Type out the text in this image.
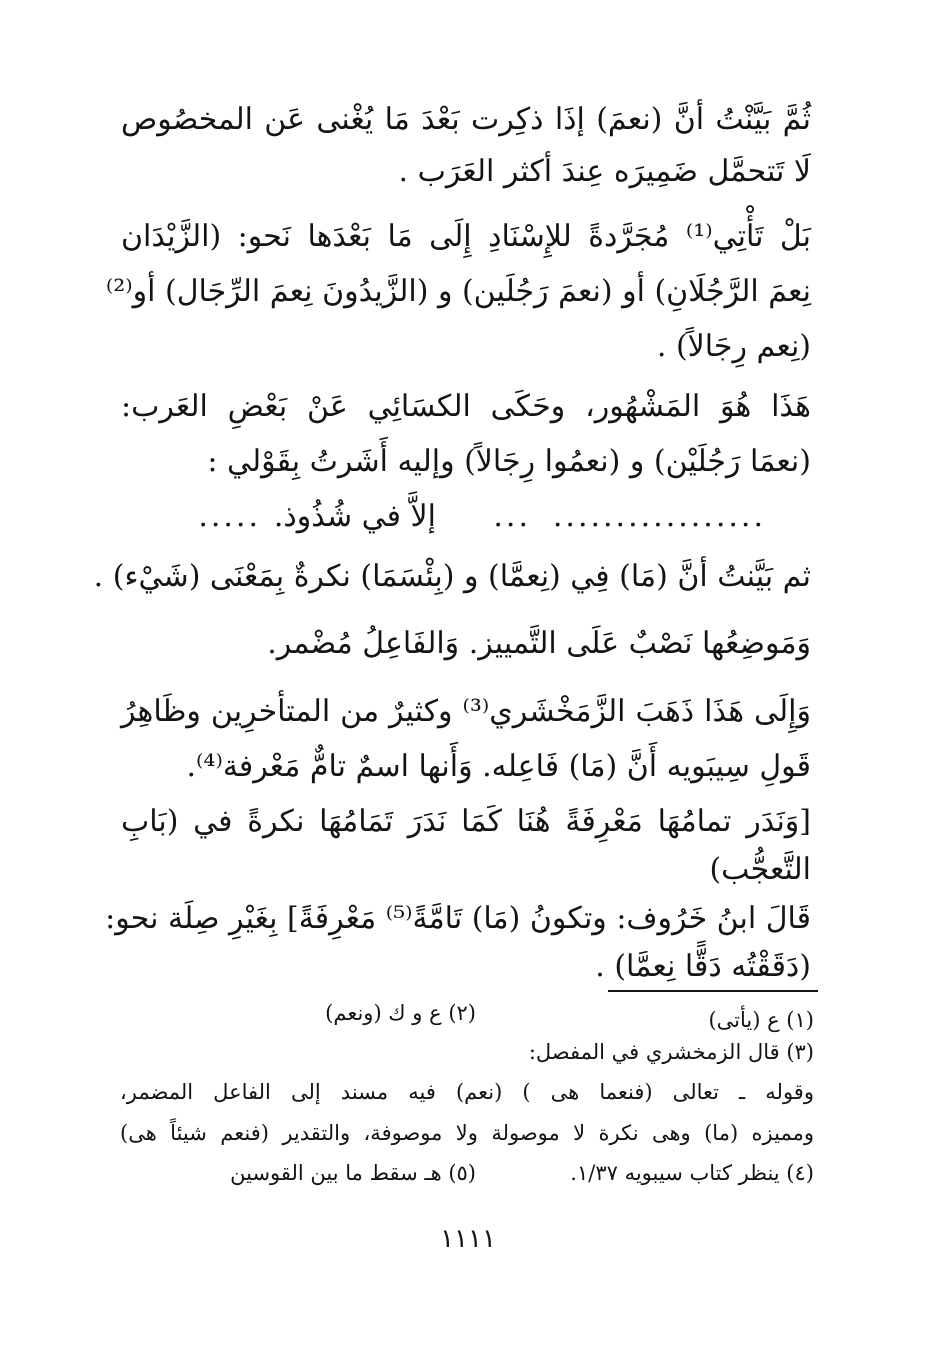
ثُمَّ بَيَّنْتُ أنَّ (نعمَ) إذَا ذكِرت بَعْدَ مَا يُغْنى عَن المخصُوص
لَا تَتحمَّل ضَمِيرَه عِندَ أكثر العَرَب .
بَلْ تَأْتِي⁽¹⁾ مُجَرَّدةً للإِسْنَادِ إِلَى مَا بَعْدَها نَحو: (الزَّيْدَان
نِعمَ الرَّجُلَانِ) أو (نعمَ رَجُلَين) و (الزَّيدُونَ نِعمَ الرِّجَال) أو⁽²⁾
(نِعم رِجَالاً) .
هَذَا هُوَ المَشْهُور، وحَكَى الكسَائِي عَنْ بَعْضِ العَرب:
(نعمَا رَجُلَيْن) و (نعمُوا رِجَالاً) وإليه أَشَرتُ بِقَوْلي :
.................
...
إلاَّ في شُذُوذ.
.....
ثم بَيَّنتُ أنَّ (مَا) فِي (نِعمَّا) و (بِئْسَمَا) نكرةٌ بِمَعْنَى (شَيْء) .
وَمَوضِعُها نَصْبٌ عَلَى التَّمييز. وَالفَاعِلُ مُضْمر.
وَإِلَى هَذَا ذَهَبَ الزَّمَخْشَري⁽³⁾ وكثيرٌ من المتأخرِين وظَاهِرُ
قَولِ سِيبَويه أَنَّ (مَا) فَاعِله. وَأَنها اسمٌ تامٌّ مَعْرفة⁽⁴⁾.
[وَنَدَر تمامُهَا مَعْرِفَةً هُنَا كَمَا نَدَرَ تَمَامُهَا نكرةً في (بَابِ
التَّعجُّب)
قَالَ ابنُ خَرُوف: وتكونُ (مَا) تَامَّةً⁽⁵⁾ مَعْرِفَةً] بِغَيْرِ صِلَة نحو:
(دَقَقْتُه دَقًّا نِعمَّا) .
(١) ع (يأتى)
(٢) ع و ك (ونعم)
(٣) قال الزمخشري في المفصل:
وقوله ـ تعالى (فنعما هى ) (نعم) فيه مسند إلى الفاعل المضمر،
ومميزه (ما) وهى نكرة لا موصولة ولا موصوفة، والتقدير (فنعم شيئاً هى)
(٤) ينظر كتاب سيبويه ١/٣٧.
(٥) هـ سقط ما بين القوسين
١١١١
